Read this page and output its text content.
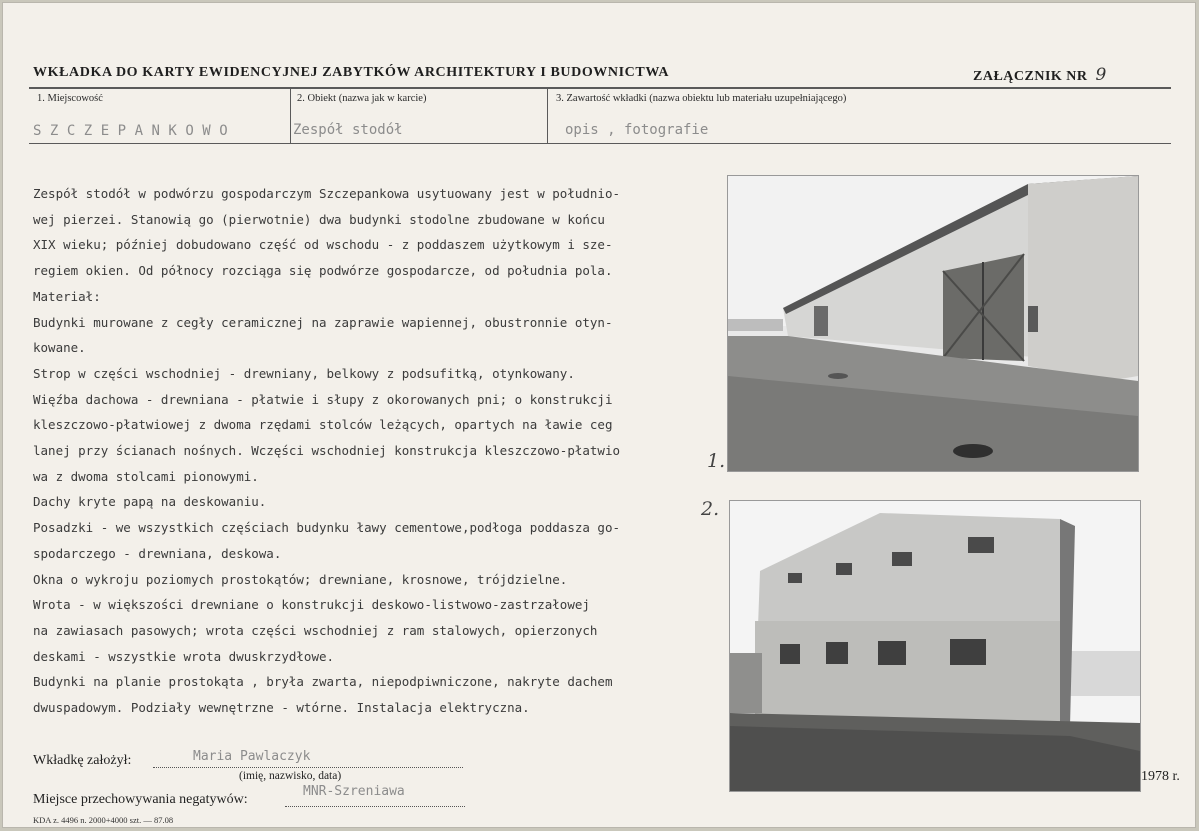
WKŁADKA DO KARTY EWIDENCYJNEJ ZABYTKÓW ARCHITEKTURY I BUDOWNICTWA	ZAŁĄCZNIK NR 9
1. Miejscowość
SZCZEPANKOWO
2. Obiekt (nazwa jak w karcie)
Zespół stodół
3. Zawartość wkładki (nazwa obiektu lub materiału uzupełniającego)
opis , fotografie
Zespół stodół w podwórzu gospodarczym Szczepankowa usytuowany jest w południo-
wej pierzei. Stanowią go (pierwotnie) dwa budynki stodolne zbudowane w końcu
XIX wieku; później dobudowano część od wschodu - z poddaszem użytkowym i sze-
regiem okien. Od północy rozciąga się podwórze gospodarcze, od południa pola.
Materiał:
Budynki murowane z cegły ceramicznej na zaprawie wapiennej, obustronnie otyn-
kowane.
Strop w części wschodniej - drewniany, belkowy z podsufitką, otynkowany.
Więźba dachowa - drewniana - płatwie i słupy z okorowanych pni; o konstrukcji
kleszczowo-płatwiowej z dwoma rzędami stolców leżących, opartych na ławie ceg
lanej przy ścianach nośnych. Wczęści wschodniej konstrukcja kleszczowo-płatwio
wa z dwoma stolcami pionowymi.
Dachy kryte papą na deskowaniu.
Posadzki - we wszystkich częściach budynku ławy cementowe,podłoga poddasza go-
spodarczego - drewniana, deskowa.
Okna o wykroju poziomych prostokątów; drewniane, krosnowe, trójdzielne.
Wrota - w większości drewniane o konstrukcji deskowo-listwowo-zastrzałowej
na zawiasach pasowych; wrota części wschodniej z ram stalowych, opierzonych
deskami - wszystkie wrota dwuskrzydłowe.
Budynki na planie prostokąta , bryła zwarta, niepodpiwniczone, nakryte dachem
dwuspadowym. Podziały wewnętrzne - wtórne. Instalacja elektryczna.
1.
2.
Wkładkę założył:	Maria Pawlaczyk
(imię, nazwisko, data)
Miejsce przechowywania negatywów:
MNR-Szreniawa
1978 r.
KDA z. 4496 n. 2000+4000 szt. — 87.08
